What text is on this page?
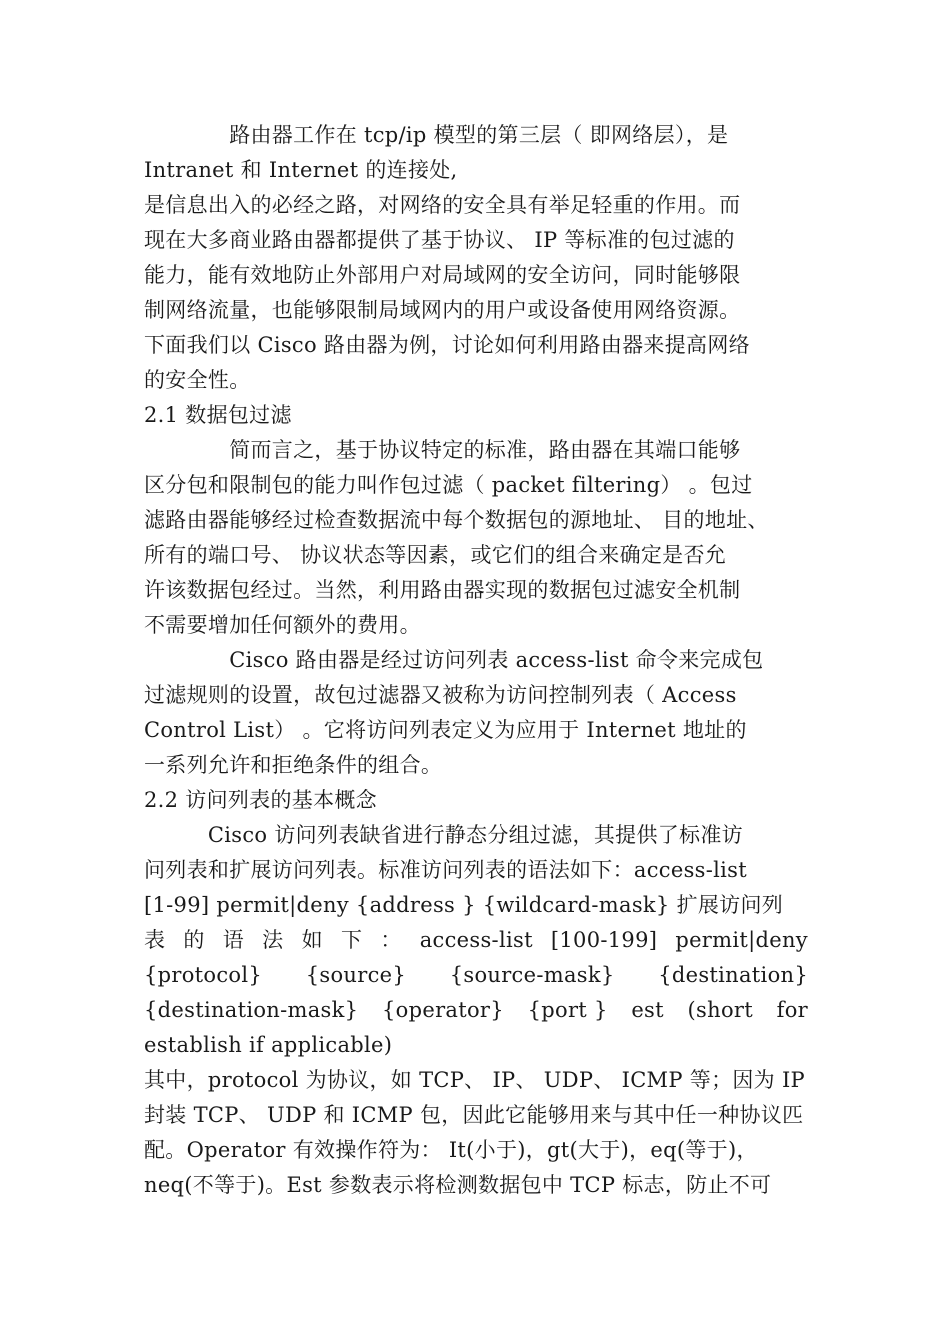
　　　　路由器工作在 tcp/ip 模型的第三层（ 即网络层），是
Intranet 和 Internet 的连接处,
是信息出入的必经之路，对网络的安全具有举足轻重的作用。而
现在大多商业路由器都提供了基于协议、 IP 等标准的包过滤的
能力，能有效地防止外部用户对局域网的安全访问，同时能够限
制网络流量，也能够限制局域网内的用户或设备使用网络资源。
下面我们以 Cisco 路由器为例，讨论如何利用路由器来提高网络
的安全性。
2.1 数据包过滤
　　　　简而言之，基于协议特定的标准，路由器在其端口能够
区分包和限制包的能力叫作包过滤（ packet filtering） 。包过
滤路由器能够经过检查数据流中每个数据包的源地址、 目的地址、
所有的端口号、 协议状态等因素，或它们的组合来确定是否允
许该数据包经过。当然，利用路由器实现的数据包过滤安全机制
不需要增加任何额外的费用。
　　　　Cisco 路由器是经过访问列表 access-list 命令来完成包
过滤规则的设置，故包过滤器又被称为访问控制列表（ Access
Control List） 。它将访问列表定义为应用于 Internet 地址的
一系列允许和拒绝条件的组合。
2.2 访问列表的基本概念
　　　Cisco 访问列表缺省进行静态分组过滤，其提供了标准访
问列表和扩展访问列表。标准访问列表的语法如下：access-list
[1-99] permit|deny {address } {wildcard-mask} 扩展访问列
表 的 语 法 如 下 ： access-list [100-199] permit|deny
{protocol} {source} {source-mask} {destination}
{destination-mask} {operator} {port } est (short for
establish if applicable)
其中，protocol 为协议，如 TCP、 IP、 UDP、 ICMP 等；因为 IP
封装 TCP、 UDP 和 ICMP 包，因此它能够用来与其中任一种协议匹
配。Operator 有效操作符为： It(小于)，gt(大于)，eq(等于)，
neq(不等于)。Est 参数表示将检测数据包中 TCP 标志，防止不可
